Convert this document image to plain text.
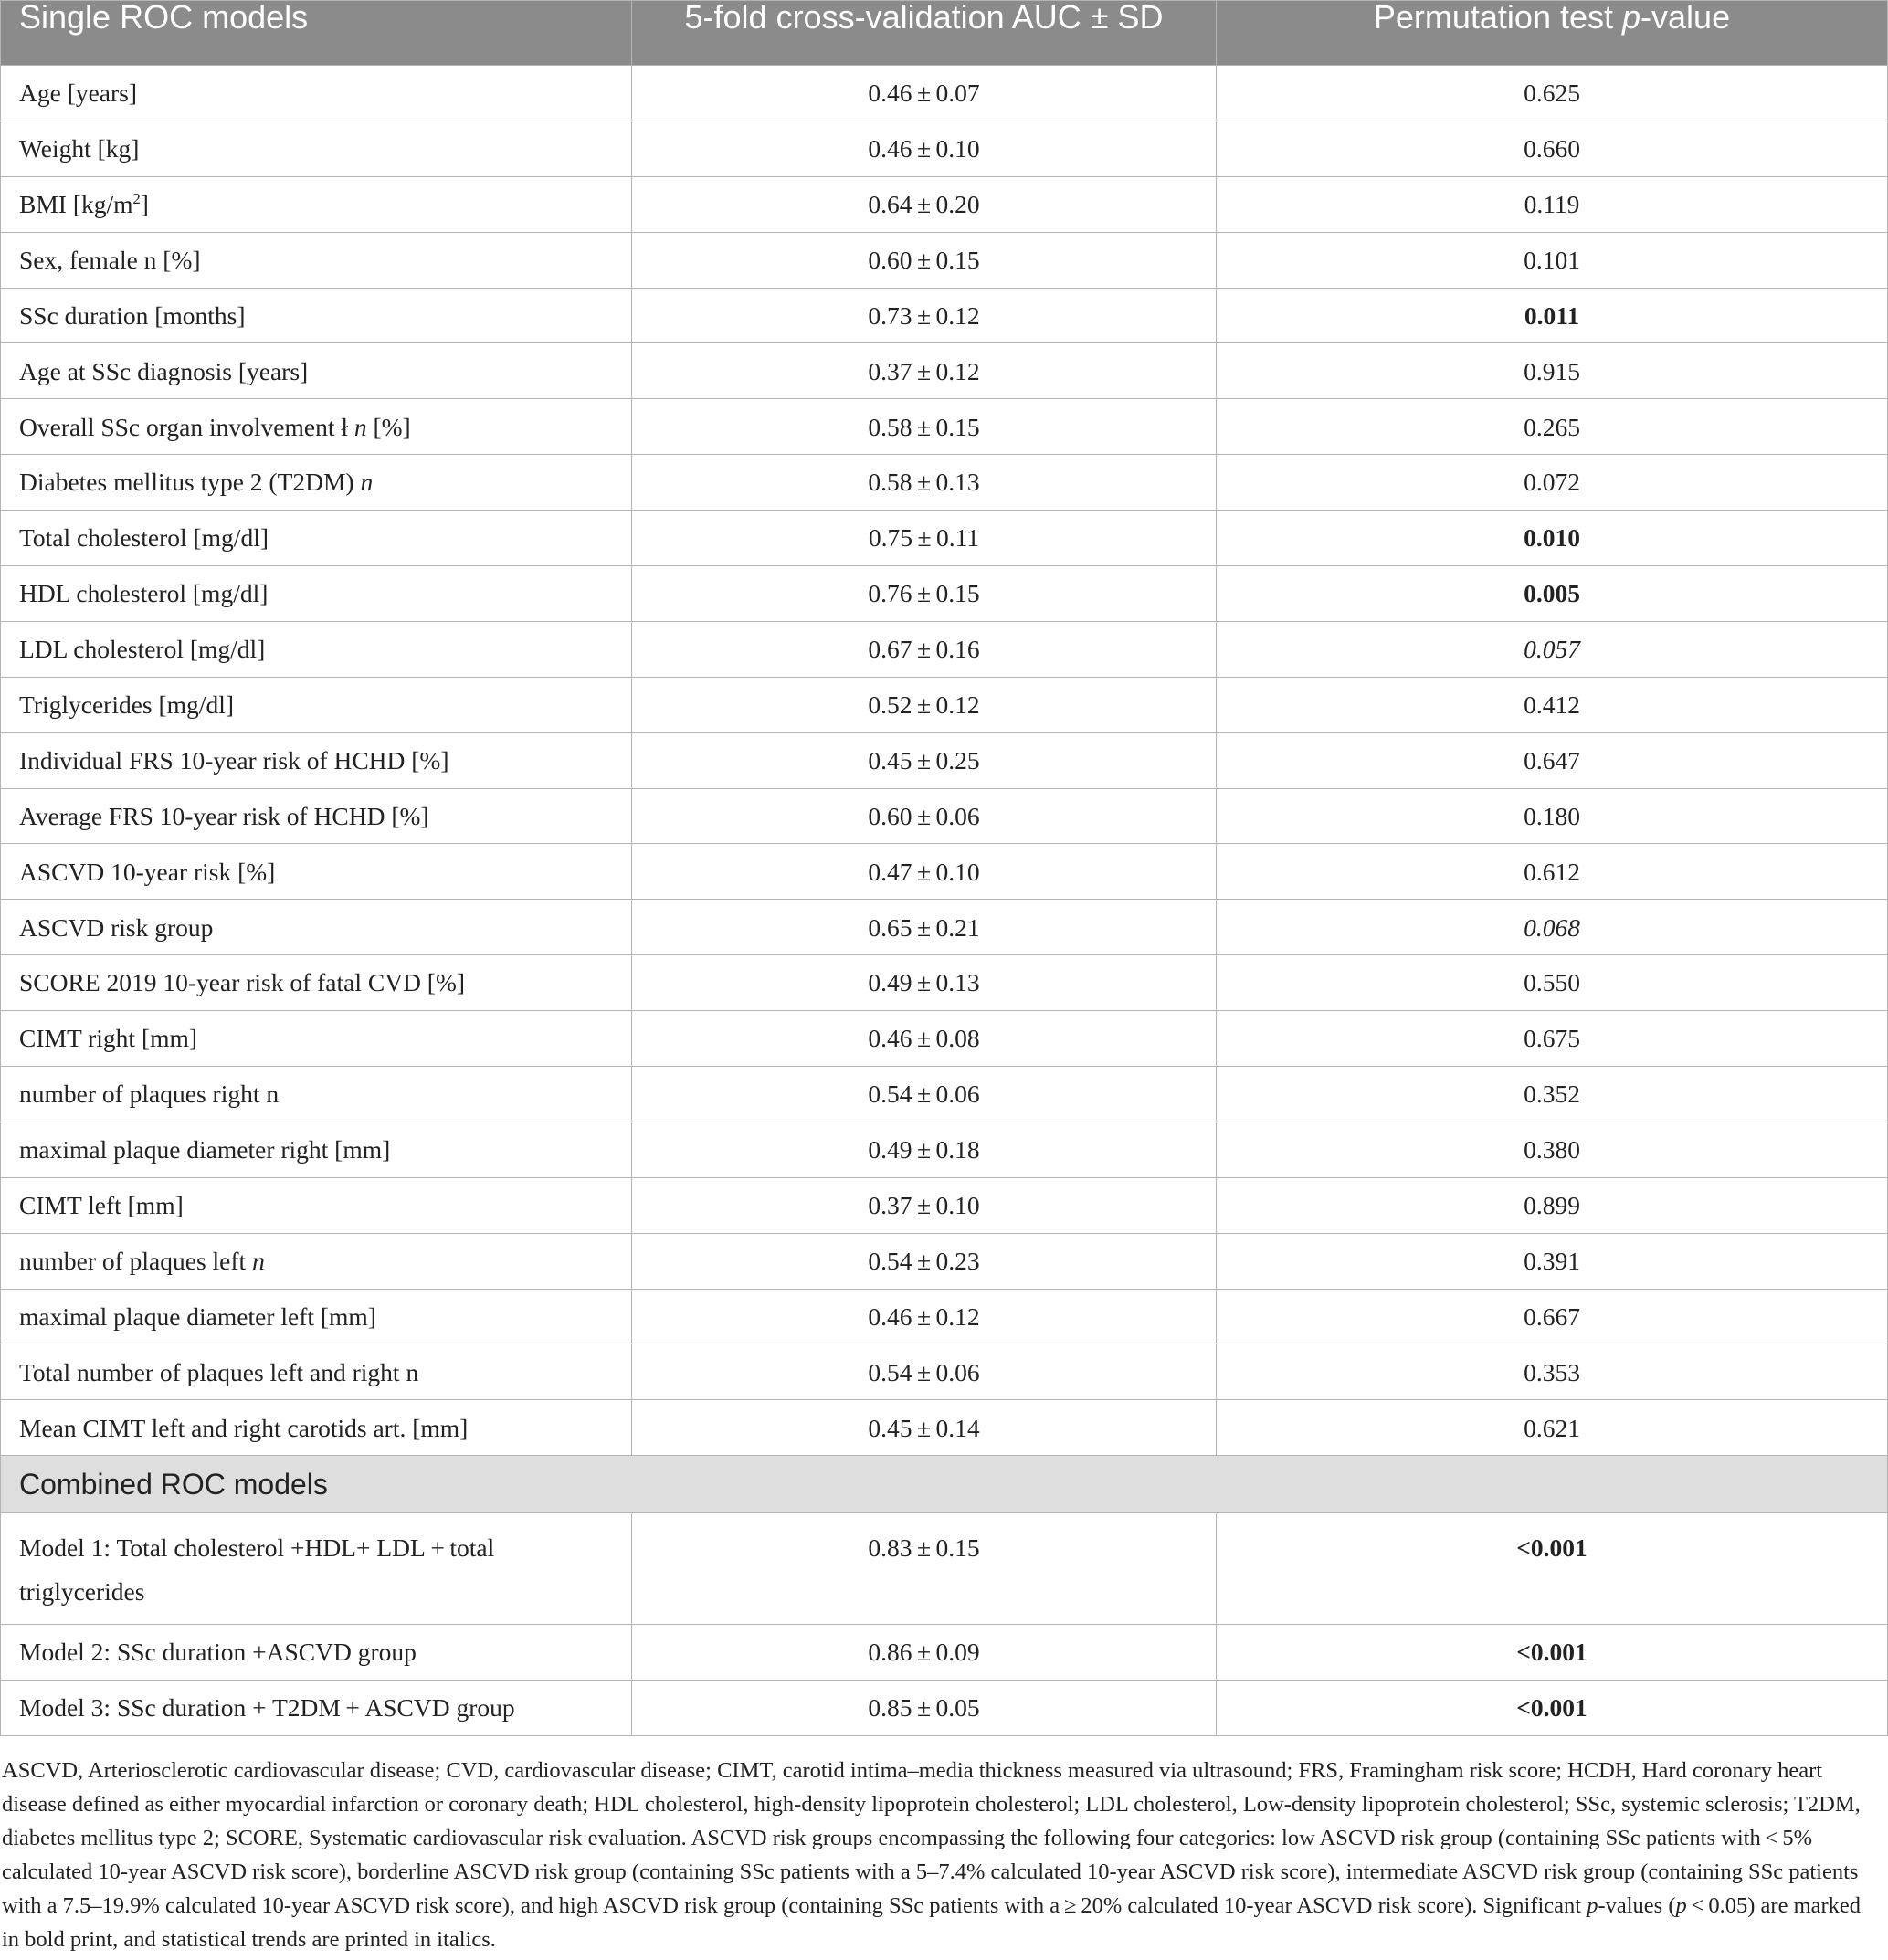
Single ROC models	5-fold cross-validation AUC ± SD	Permutation test p-value
Age [years]	0.46 ± 0.07	0.625
Weight [kg]	0.46 ± 0.10	0.660
BMI $[kg/m^2]$	0.64 ± 0.20	0.119
Sex, female n [%]	0.60 ± 0.15	0.101
SSc duration [months]	0.73 ± 0.12	0.011
Age at SSc diagnosis [years]	0.37 ± 0.12	0.915
Overall SSc organ involvement ł n [%]	0.58 ± 0.15	0.265
Diabetes mellitus type 2 (T2DM) n	0.58 ± 0.13	0.072
Total cholesterol [mg/dl]	0.75 ± 0.11	0.010
HDL cholesterol [mg/dl]	0.76 ± 0.15	0.005
LDL cholesterol [mg/dl]	0.67 ± 0.16	0.057
Triglycerides [mg/dl]	0.52 ± 0.12	0.412
Individual FRS 10-year risk of HCHD [%]	0.45 ± 0.25	0.647
Average FRS 10-year risk of HCHD [%]	0.60 ± 0.06	0.180
ASCVD 10-year risk [%]	0.47 ± 0.10	0.612
ASCVD risk group	0.65 ± 0.21	0.068
SCORE 2019 10-year risk of fatal CVD [%]	0.49 ± 0.13	0.550
CIMT right [mm]	0.46 ± 0.08	0.675
number of plaques right n	0.54 ± 0.06	0.352
maximal plaque diameter right [mm]	0.49 ± 0.18	0.380
CIMT left [mm]	0.37 ± 0.10	0.899
number of plaques left n	0.54 ± 0.23	0.391
maximal plaque diameter left [mm]	0.46 ± 0.12	0.667
Total number of plaques left and right n	0.54 ± 0.06	0.353
Mean CIMT left and right carotids art. [mm]	0.45 ± 0.14	0.621
Combined ROC models		
Model 1: Total cholesterol +HDL+ LDL + total
triglycerides	0.83 ± 0.15	<0.001
Model 2: SSc duration +ASCVD group	0.86 ± 0.09	<0.001
Model 3: SSc duration + T2DM + ASCVD group	0.85 ± 0.05	<0.001
ASCVD, Arteriosclerotic cardiovascular disease; CVD, cardiovascular disease; CIMT, carotid intima–media thickness measured via ultrasound; FRS, Framingham risk score; HCDH, Hard coronary heart disease defined as either myocardial infarction or coronary death; HDL cholesterol, high-density lipoprotein cholesterol; LDL cholesterol, Low-density lipoprotein cholesterol; SSc, systemic sclerosis; T2DM, diabetes mellitus type 2; SCORE, Systematic cardiovascular risk evaluation. ASCVD risk groups encompassing the following four categories: low ASCVD risk group (containing SSc patients with < 5% calculated 10-year ASCVD risk score), borderline ASCVD risk group (containing SSc patients with a 5–7.4% calculated 10-year ASCVD risk score), intermediate ASCVD risk group (containing SSc patients with a 7.5–19.9% calculated 10-year ASCVD risk score), and high ASCVD risk group (containing SSc patients with a ≥ 20% calculated 10-year ASCVD risk score). Significant p-values (p < 0.05) are marked in bold print, and statistical trends are printed in italics.
